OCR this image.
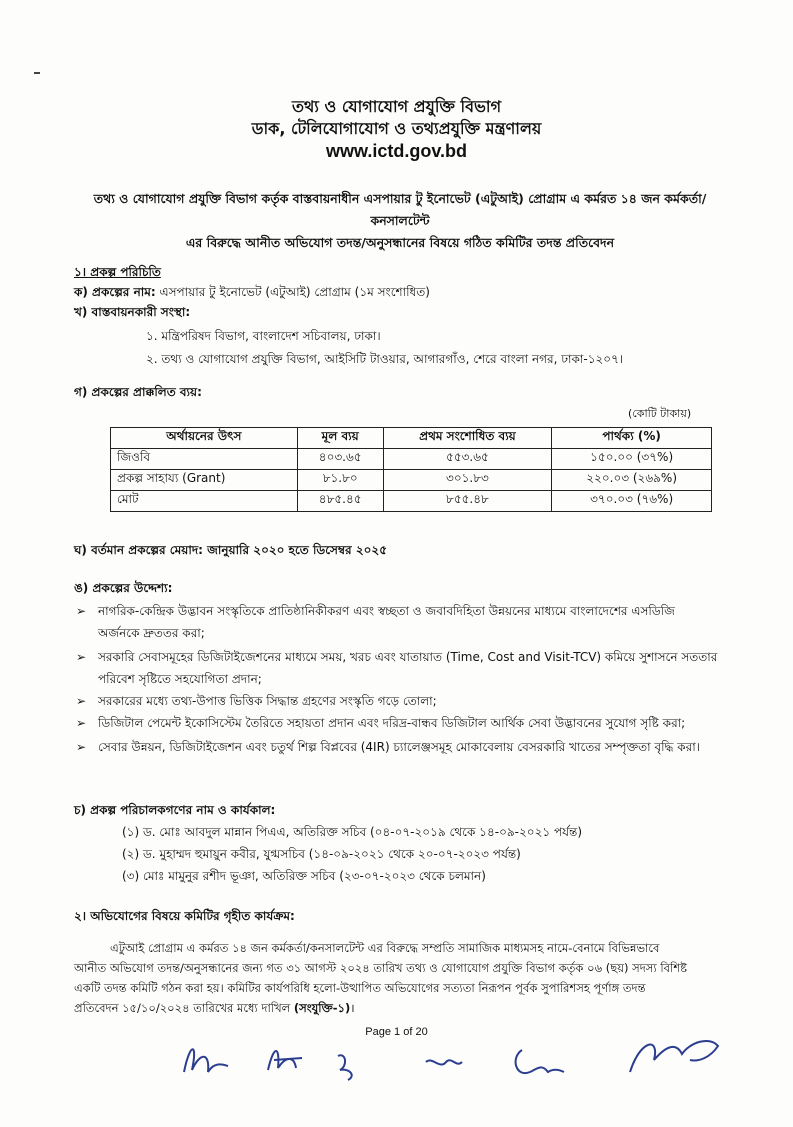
তথ্য ও যোগাযোগ প্রযুক্তি বিভাগ
ডাক, টেলিযোগাযোগ ও তথ্যপ্রযুক্তি মন্ত্রণালয়
www.ictd.gov.bd
তথ্য ও যোগাযোগ প্রযুক্তি বিভাগ কর্তৃক বাস্তবায়নাধীন এসপায়ার টু ইনোভেট (এটুআই) প্রোগ্রাম এ কর্মরত ১৪ জন কর্মকর্তা/কনসালটেন্ট
এর বিরুদ্ধে আনীত অভিযোগ তদন্ত/অনুসন্ধানের বিষয়ে গঠিত কমিটির তদন্ত প্রতিবেদন
১। প্রকল্প পরিচিতি
ক) প্রকল্পের নাম: এসপায়ার টু ইনোভেট (এটুআই) প্রোগ্রাম (১ম সংশোধিত)
খ) বাস্তবায়নকারী সংস্থা:
১. মন্ত্রিপরিষদ বিভাগ, বাংলাদেশ সচিবালয়, ঢাকা।
২. তথ্য ও যোগাযোগ প্রযুক্তি বিভাগ, আইসিটি টাওয়ার, আগারগাঁও, শেরে বাংলা নগর, ঢাকা-১২০৭।
গ) প্রকল্পের প্রাক্কলিত ব্যয়:
(কোটি টাকায়)
অর্থায়নের উৎস	মূল ব্যয়	প্রথম সংশোধিত ব্যয়	পার্থক্য (%)
জিওবি	৪০৩.৬৫	৫৫৩.৬৫	১৫০.০০ (৩৭%)
প্রকল্প সাহায্য (Grant)	৮১.৮০	৩০১.৮৩	২২০.০৩ (২৬৯%)
মোট	৪৮৫.৪৫	৮৫৫.৪৮	৩৭০.০৩ (৭৬%)
ঘ) বর্তমান প্রকল্পের মেয়াদ: জানুয়ারি ২০২০ হতে ডিসেম্বর ২০২৫
ঙ) প্রকল্পের উদ্দেশ্য:
➢ নাগরিক-কেন্দ্রিক উদ্ভাবন সংস্কৃতিকে প্রাতিষ্ঠানিকীকরণ এবং স্বচ্ছতা ও জবাবদিহিতা উন্নয়নের মাধ্যমে বাংলাদেশের এসডিজি অর্জনকে দ্রুততর করা;
➢ সরকারি সেবাসমূহের ডিজিটাইজেশনের মাধ্যমে সময়, খরচ এবং যাতায়াত (Time, Cost and Visit-TCV) কমিয়ে সুশাসনে সততার পরিবেশ সৃষ্টিতে সহযোগিতা প্রদান;
➢ সরকারের মধ্যে তথ্য-উপাত্ত ভিত্তিক সিদ্ধান্ত গ্রহণের সংস্কৃতি গড়ে তোলা;
➢ ডিজিটাল পেমেন্ট ইকোসিস্টেম তৈরিতে সহায়তা প্রদান এবং দরিদ্র-বান্ধব ডিজিটাল আর্থিক সেবা উদ্ভাবনের সুযোগ সৃষ্টি করা;
➢ সেবার উন্নয়ন, ডিজিটাইজেশন এবং চতুর্থ শিল্প বিপ্লবের (4IR) চ্যালেঞ্জসমূহ মোকাবেলায় বেসরকারি খাতের সম্পৃক্ততা বৃদ্ধি করা।
চ) প্রকল্প পরিচালকগণের নাম ও কার্যকাল:
(১) ড. মোঃ আবদুল মান্নান পিএএ, অতিরিক্ত সচিব (০৪-০৭-২০১৯ থেকে ১৪-০৯-২০২১ পর্যন্ত)
(২) ড. মুহাম্মদ হুমায়ুন কবীর, যুগ্মসচিব (১৪-০৯-২০২১ থেকে ২০-০৭-২০২৩ পর্যন্ত)
(৩) মোঃ মামুনুর রশীদ ভূঞা, অতিরিক্ত সচিব (২৩-০৭-২০২৩ থেকে চলমান)
২। অভিযোগের বিষয়ে কমিটির গৃহীত কার্যক্রম:
এটুআই প্রোগ্রাম এ কর্মরত ১৪ জন কর্মকর্তা/কনসালটেন্ট এর বিরুদ্ধে সম্প্রতি সামাজিক মাধ্যমসহ নামে-বেনামে বিভিন্নভাবে
আনীত অভিযোগ তদন্ত/অনুসন্ধানের জন্য গত ৩১ আগস্ট ২০২৪ তারিখ তথ্য ও যোগাযোগ প্রযুক্তি বিভাগ কর্তৃক ০৬ (ছয়) সদস্য বিশিষ্ট
একটি তদন্ত কমিটি গঠন করা হয়। কমিটির কার্যপরিধি হলো-উত্থাপিত অভিযোগের সত্যতা নিরূপন পূর্বক সুপারিশসহ পূর্ণাঙ্গ তদন্ত
প্রতিবেদন ১৫/১০/২০২৪ তারিখের মধ্যে দাখিল (সংযুক্তি-১)।
Page 1 of 20
